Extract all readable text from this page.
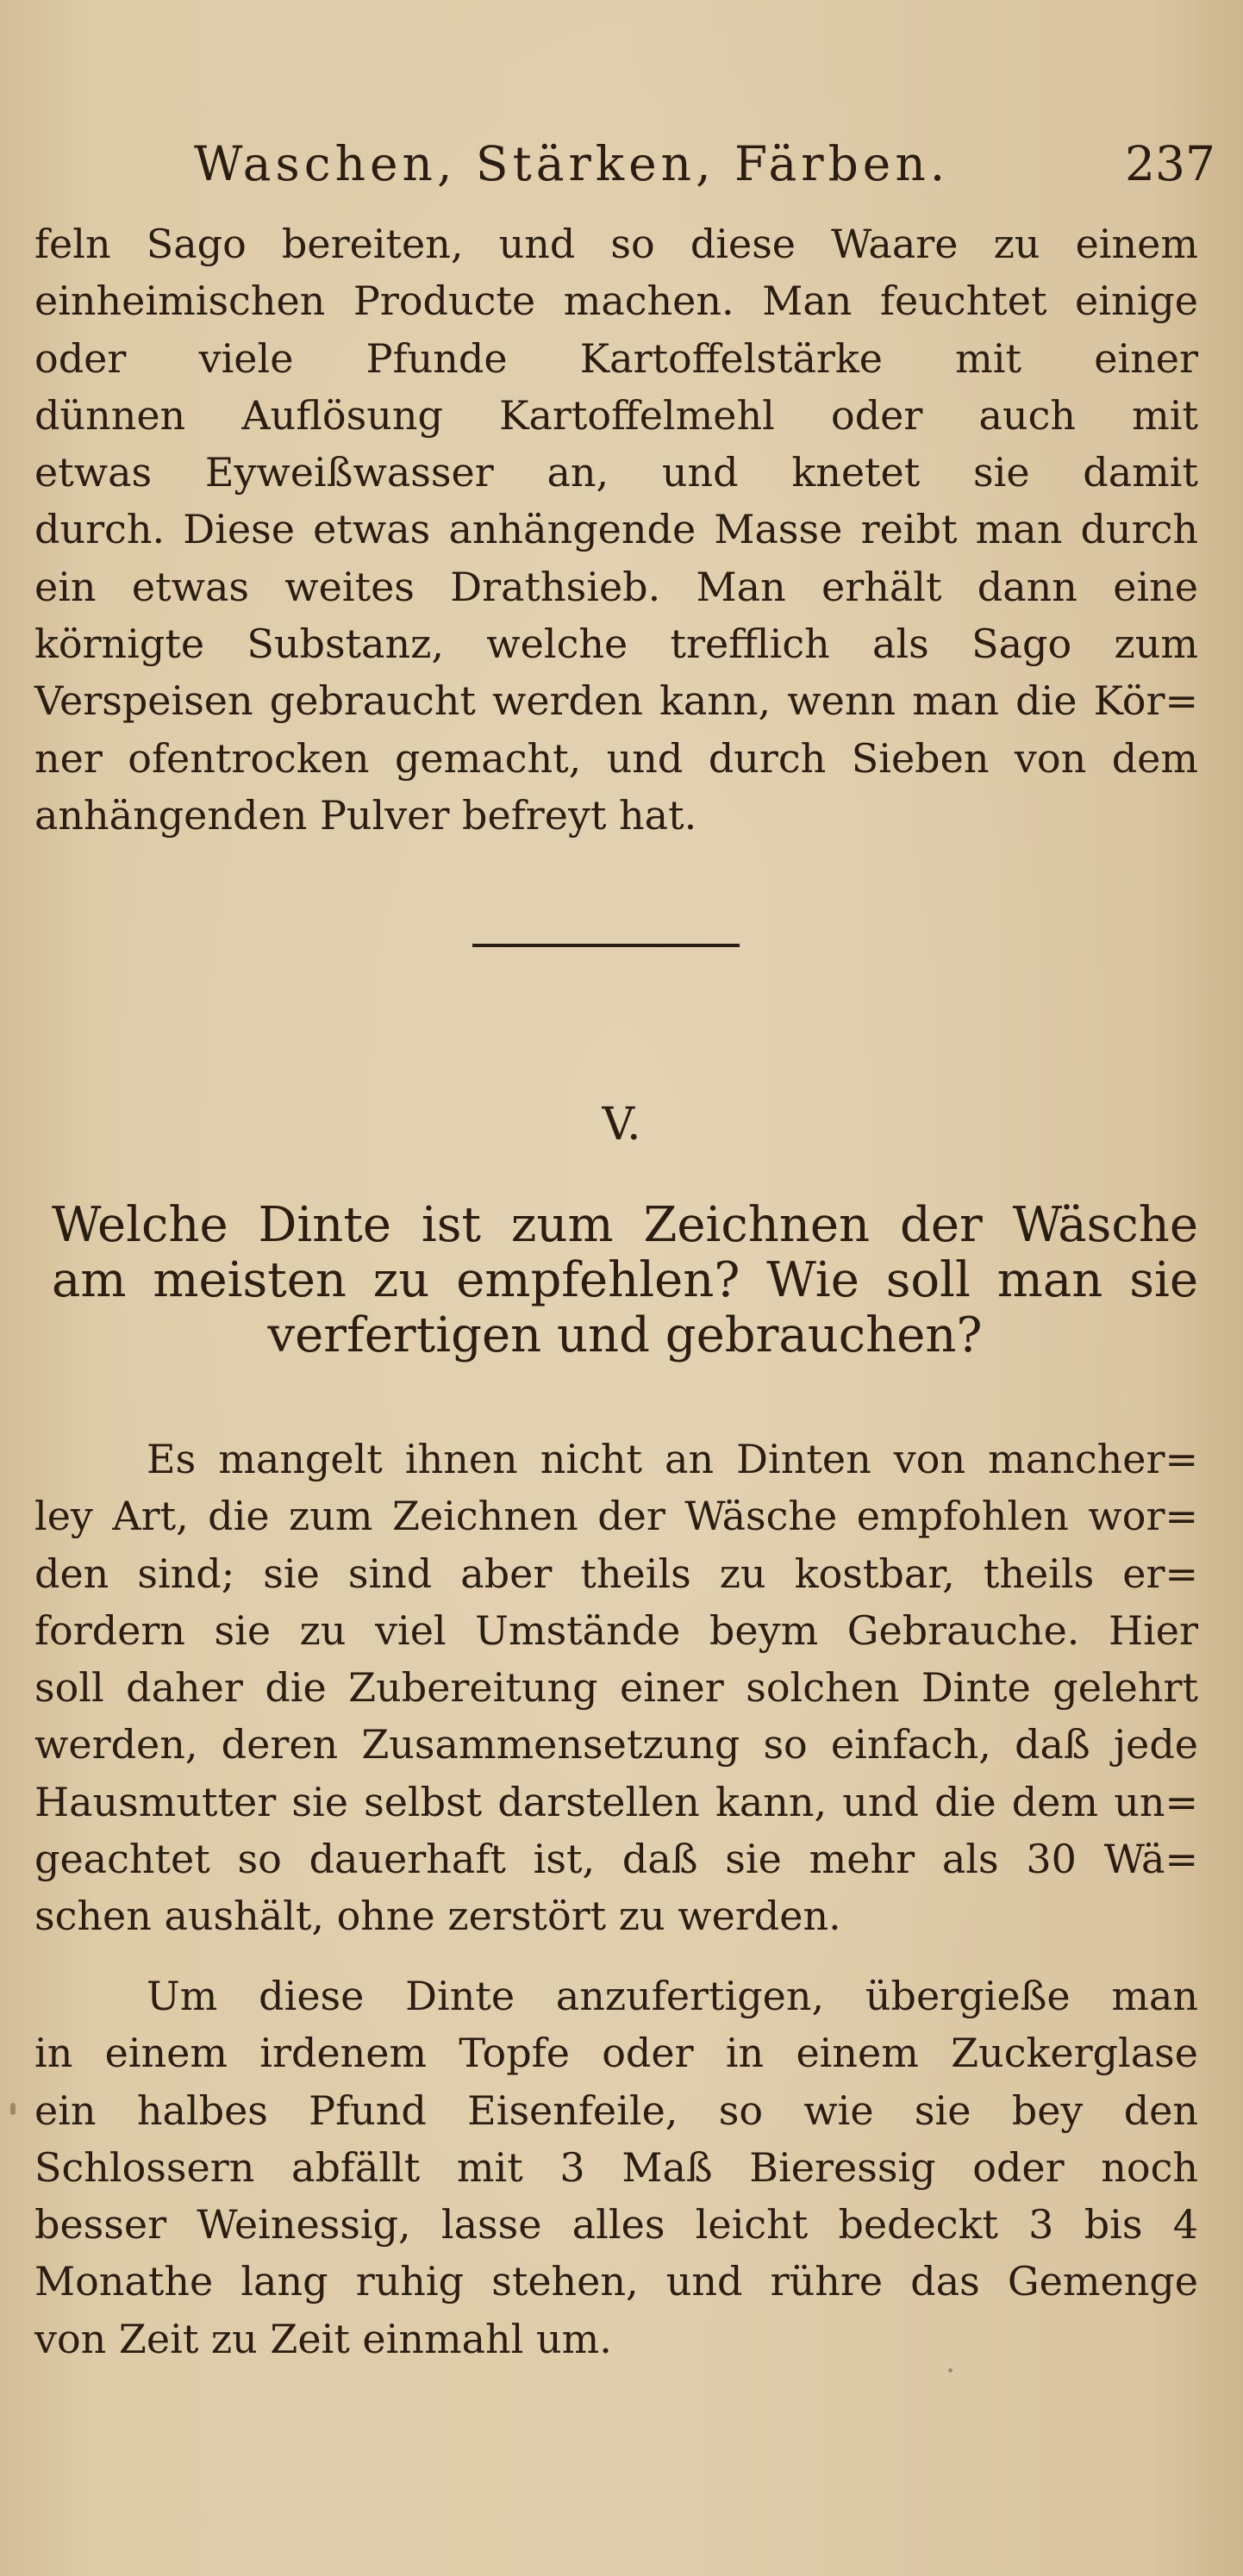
Waschen, Stärken, Färben.	237
feln Sago bereiten, und so diese Waare zu einem
einheimischen Producte machen. Man feuchtet einige
oder viele Pfunde Kartoffelstärke mit einer
dünnen Auflösung Kartoffelmehl oder auch mit
etwas Eyweißwasser an, und knetet sie damit
durch. Diese etwas anhängende Masse reibt man durch
ein etwas weites Drathsieb. Man erhält dann eine
körnigte Substanz, welche trefflich als Sago zum
Verspeisen gebraucht werden kann, wenn man die Kör=
ner ofentrocken gemacht, und durch Sieben von dem
anhängenden Pulver befreyt hat.
V.
Welche Dinte ist zum Zeichnen der Wäsche
am meisten zu empfehlen? Wie soll man sie
verfertigen und gebrauchen?
Es mangelt ihnen nicht an Dinten von mancher=
ley Art, die zum Zeichnen der Wäsche empfohlen wor=
den sind; sie sind aber theils zu kostbar, theils er=
fordern sie zu viel Umstände beym Gebrauche. Hier
soll daher die Zubereitung einer solchen Dinte gelehrt
werden, deren Zusammensetzung so einfach, daß jede
Hausmutter sie selbst darstellen kann, und die dem un=
geachtet so dauerhaft ist, daß sie mehr als 30 Wä=
schen aushält, ohne zerstört zu werden.
Um diese Dinte anzufertigen, übergieße man
in einem irdenem Topfe oder in einem Zuckerglase
ein halbes Pfund Eisenfeile, so wie sie bey den
Schlossern abfällt mit 3 Maß Bieressig oder noch
besser Weinessig, lasse alles leicht bedeckt 3 bis 4
Monathe lang ruhig stehen, und rühre das Gemenge
von Zeit zu Zeit einmahl um.
